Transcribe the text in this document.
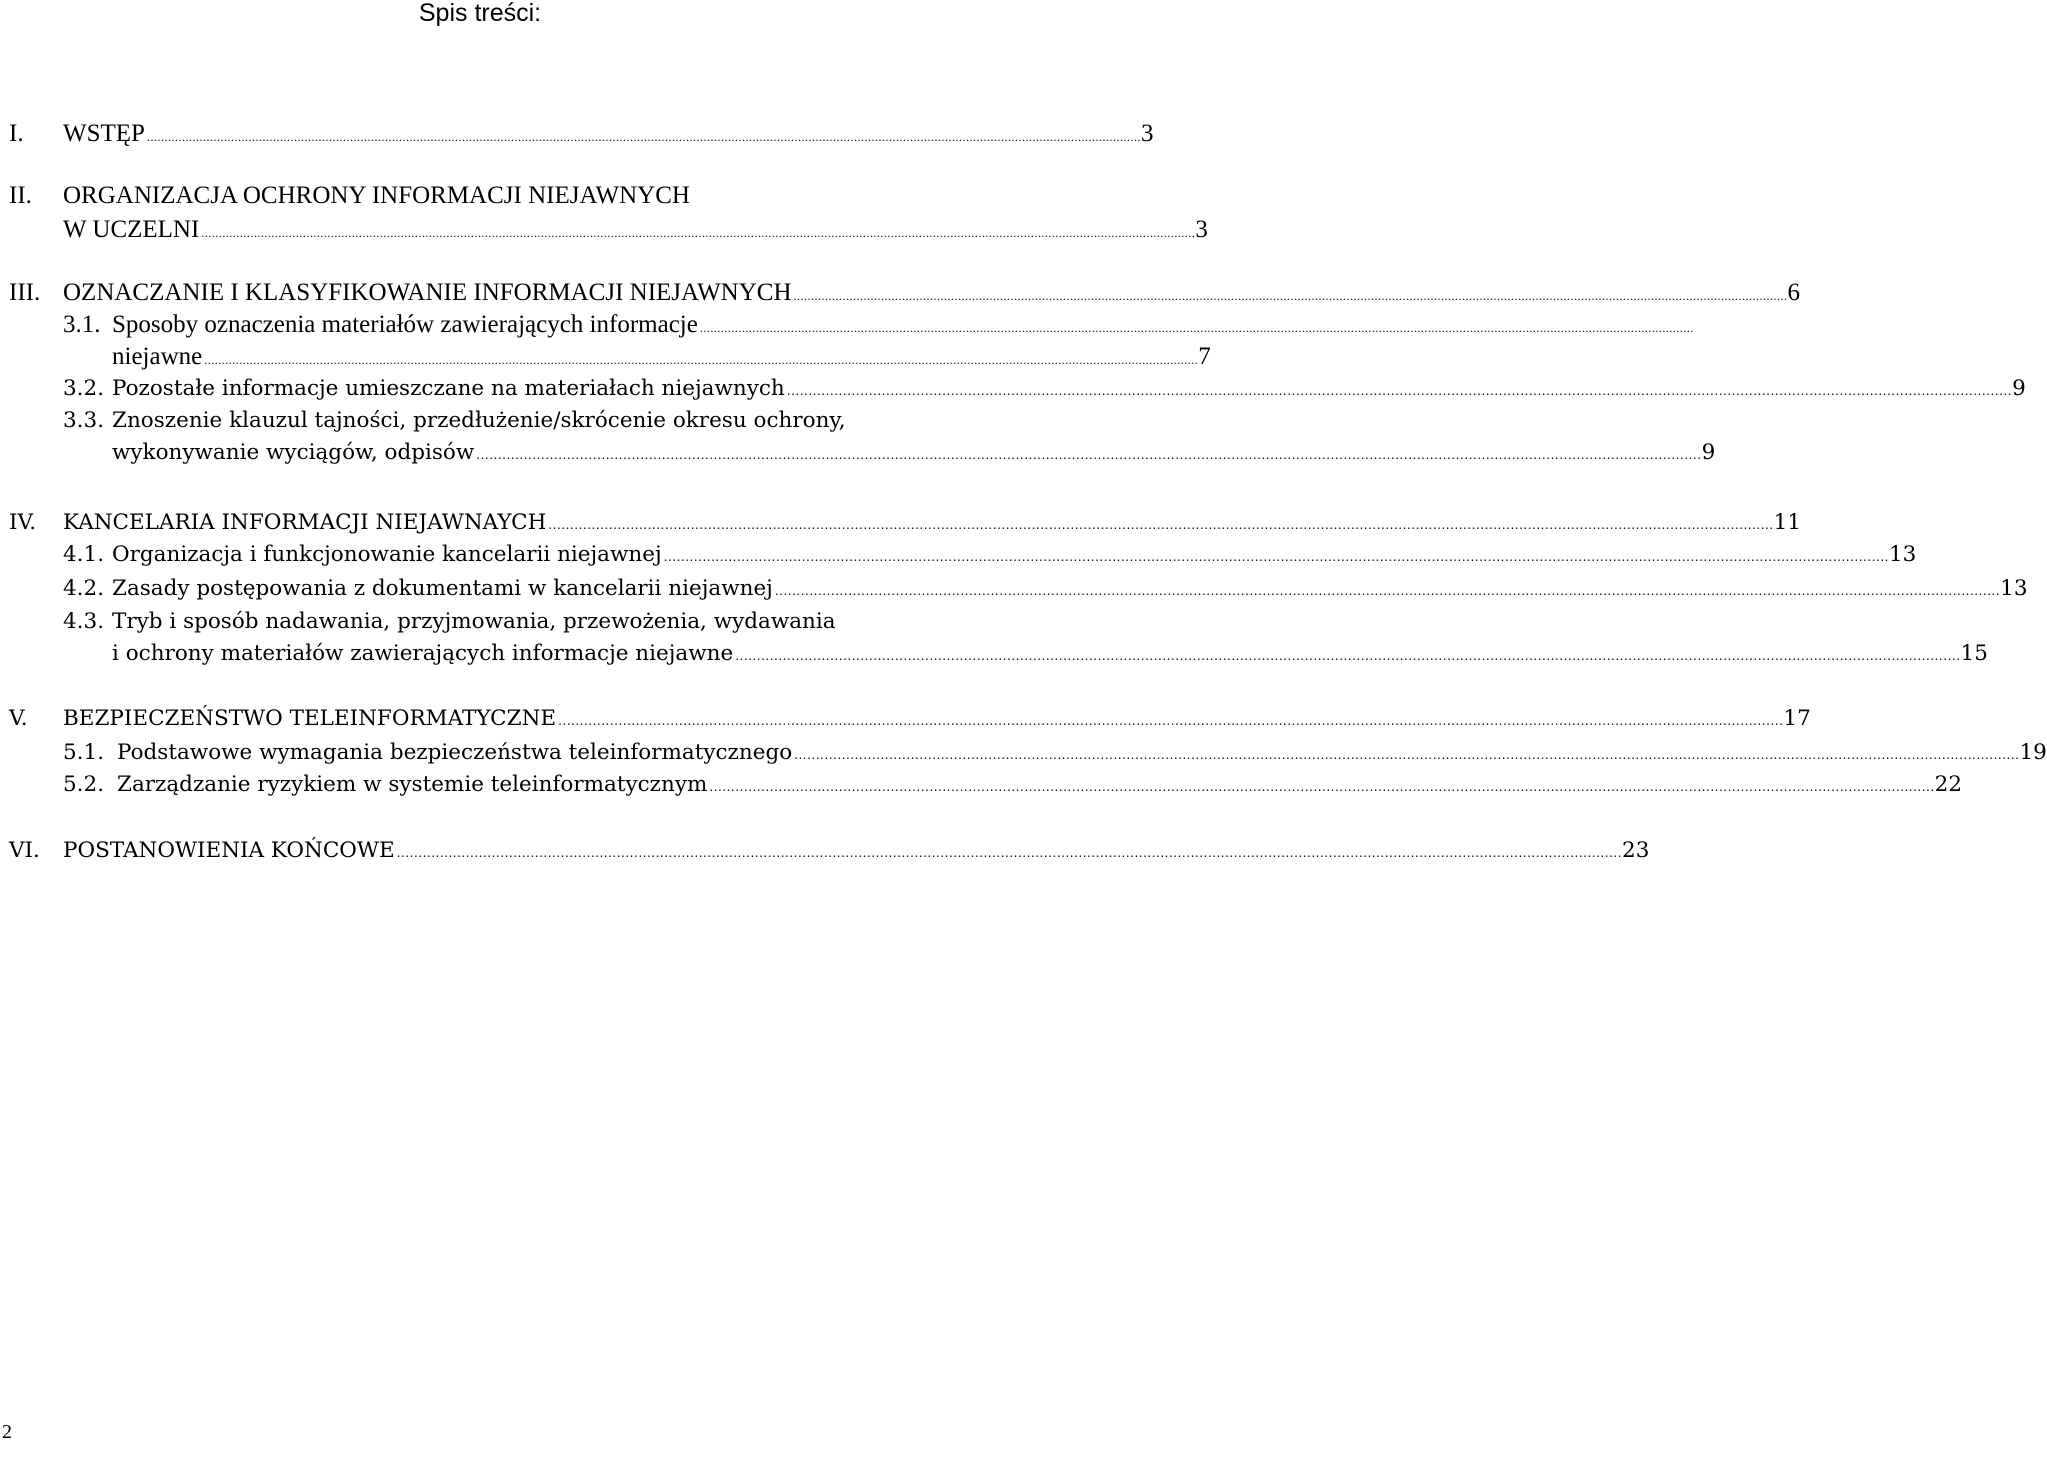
Spis treści:
I. WSTĘP ............................................................................................................................................................................................................................................................................................ 3
II. ORGANIZACJA OCHRONY INFORMACJI NIEJAWNYCH
W UCZELNI ............................................................................................................................................................................................................................................................................................ 3
III. OZNACZANIE I KLASYFIKOWANIE INFORMACJI NIEJAWNYCH ............................................................................................................................................................................................................................................................................................ 6
3.1. Sposoby oznaczenia materiałów zawierających informacje ............................................................................................................................................................................................................................................................................................
niejawne ............................................................................................................................................................................................................................................................................................ 7
3.2. Pozostałe informacje umieszczane na materiałach niejawnych ............................................................................................................................................................................................................................................................................................ 9
3.3. Znoszenie klauzul tajności, przedłużenie/skrócenie okresu ochrony,
wykonywanie wyciągów, odpisów ............................................................................................................................................................................................................................................................................................ 9
IV. KANCELARIA INFORMACJI NIEJAWNAYCH ............................................................................................................................................................................................................................................................................................ 11
4.1. Organizacja i funkcjonowanie kancelarii niejawnej ............................................................................................................................................................................................................................................................................................ 13
4.2. Zasady postępowania z dokumentami w kancelarii niejawnej ............................................................................................................................................................................................................................................................................................ 13
4.3. Tryb i sposób nadawania, przyjmowania, przewożenia, wydawania
i ochrony materiałów zawierających informacje niejawne ............................................................................................................................................................................................................................................................................................ 15
V. BEZPIECZEŃSTWO TELEINFORMATYCZNE ............................................................................................................................................................................................................................................................................................ 17
5.1. Podstawowe wymagania bezpieczeństwa teleinformatycznego ............................................................................................................................................................................................................................................................................................ 19
5.2. Zarządzanie ryzykiem w systemie teleinformatycznym ............................................................................................................................................................................................................................................................................................ 22
VI. POSTANOWIENIA KOŃCOWE ............................................................................................................................................................................................................................................................................................ 23
2
